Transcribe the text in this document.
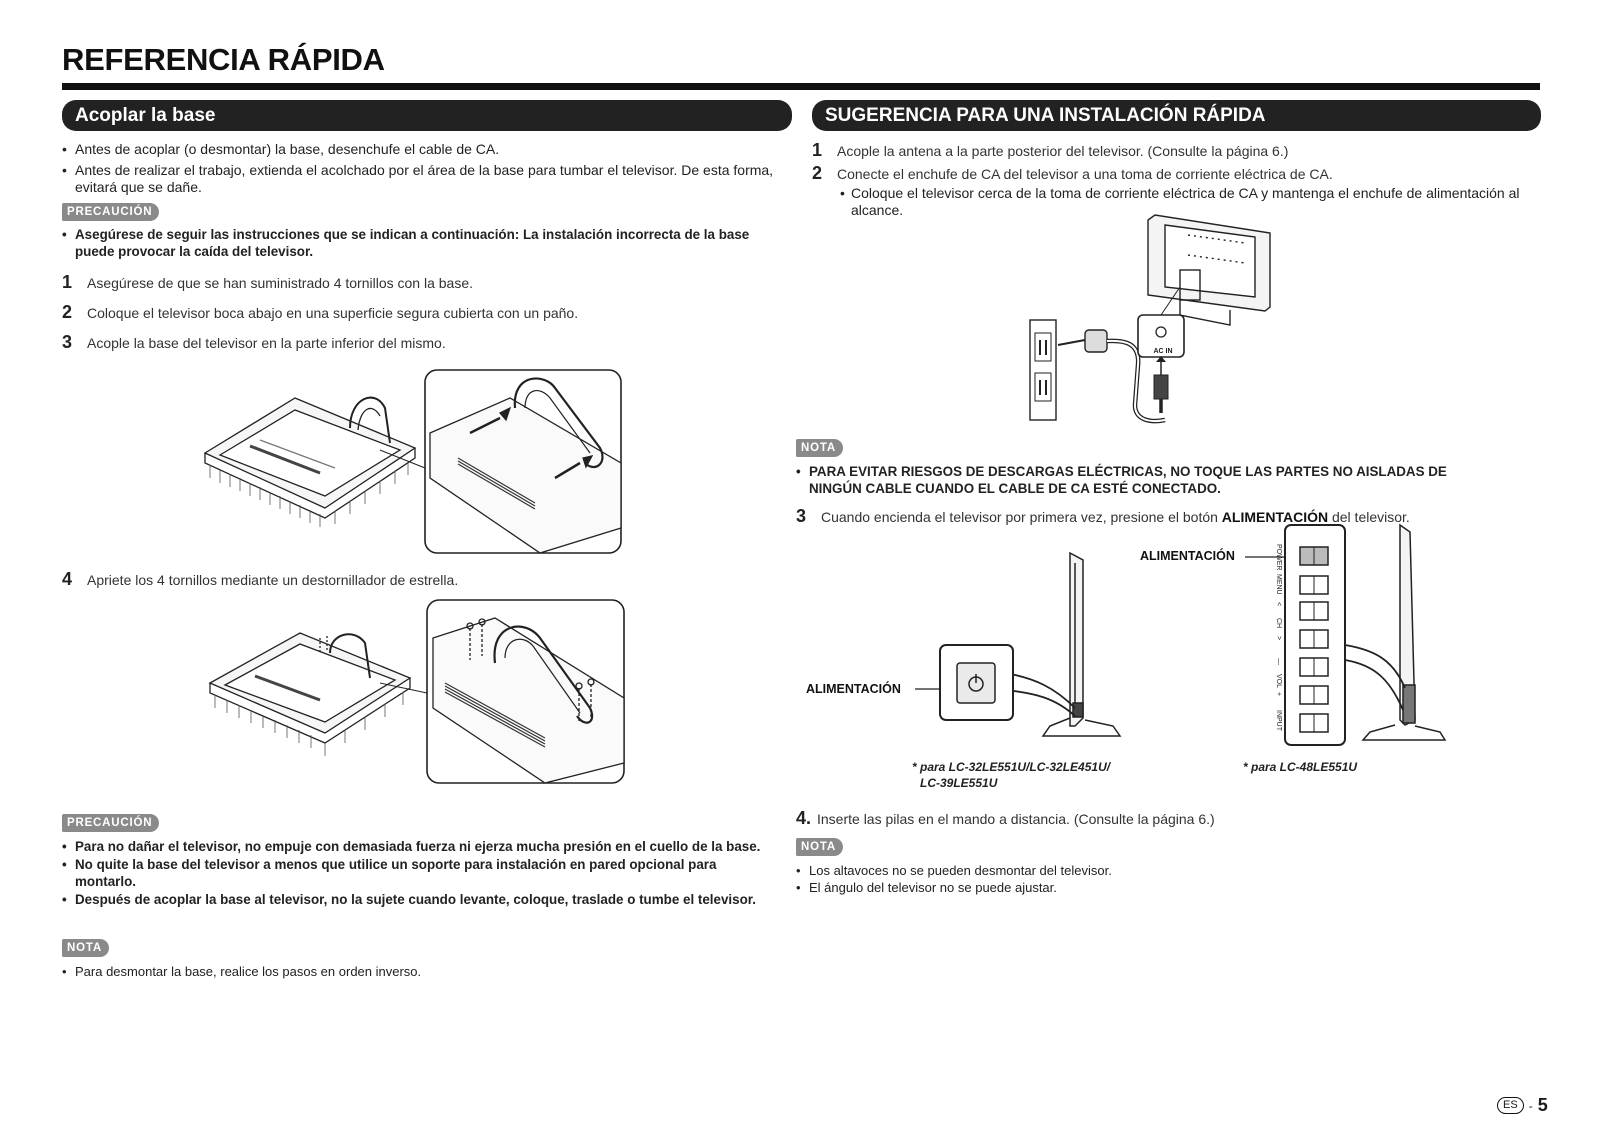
REFERENCIA RÁPIDA
Acoplar la base
• Antes de acoplar (o desmontar) la base, desenchufe el cable de CA.
• Antes de realizar el trabajo, extienda el acolchado por el área de la base para tumbar el televisor. De esta forma, evitará que se dañe.
PRECAUCIÓN
• Asegúrese de seguir las instrucciones que se indican a continuación: La instalación incorrecta de la base puede provocar la caída del televisor.
1	Asegúrese de que se han suministrado 4 tornillos con la base.
2	Coloque el televisor boca abajo en una superficie segura cubierta con un paño.
3	Acople la base del televisor en la parte inferior del mismo.
4	Apriete los 4 tornillos mediante un destornillador de estrella.
PRECAUCIÓN
• Para no dañar el televisor, no empuje con demasiada fuerza ni ejerza mucha presión en el cuello de la base.
• No quite la base del televisor a menos que utilice un soporte para instalación en pared opcional para montarlo.
• Después de acoplar la base al televisor, no la sujete cuando levante, coloque, traslade o tumbe el televisor.
NOTA
• Para desmontar la base, realice los pasos en orden inverso.
SUGERENCIA PARA UNA INSTALACIÓN RÁPIDA
1	Acople la antena a la parte posterior del televisor. (Consulte la página 6.)
2	Conecte el enchufe de CA del televisor a una toma de corriente eléctrica de CA.
• Coloque el televisor cerca de la toma de corriente eléctrica de CA y mantenga el enchufe de alimentación al alcance.
AC IN
NOTA
• PARA EVITAR RIESGOS DE DESCARGAS ELÉCTRICAS, NO TOQUE LAS PARTES NO AISLADAS DE NINGÚN CABLE CUANDO EL CABLE DE CA ESTÉ CONECTADO.
3	Cuando encienda el televisor por primera vez, presione el botón ALIMENTACIÓN del televisor.
ALIMENTACIÓN
ALIMENTACIÓN	POWER
MENU
<
CH
>
—
VOL
+
INPUT
* para LC-32LE551U/LC-32LE451U/
LC-39LE551U
* para LC-48LE551U
4. Inserte las pilas en el mando a distancia. (Consulte la página 6.)
NOTA
• Los altavoces no se pueden desmontar del televisor.
• El ángulo del televisor no se puede ajustar.
ES - 5
